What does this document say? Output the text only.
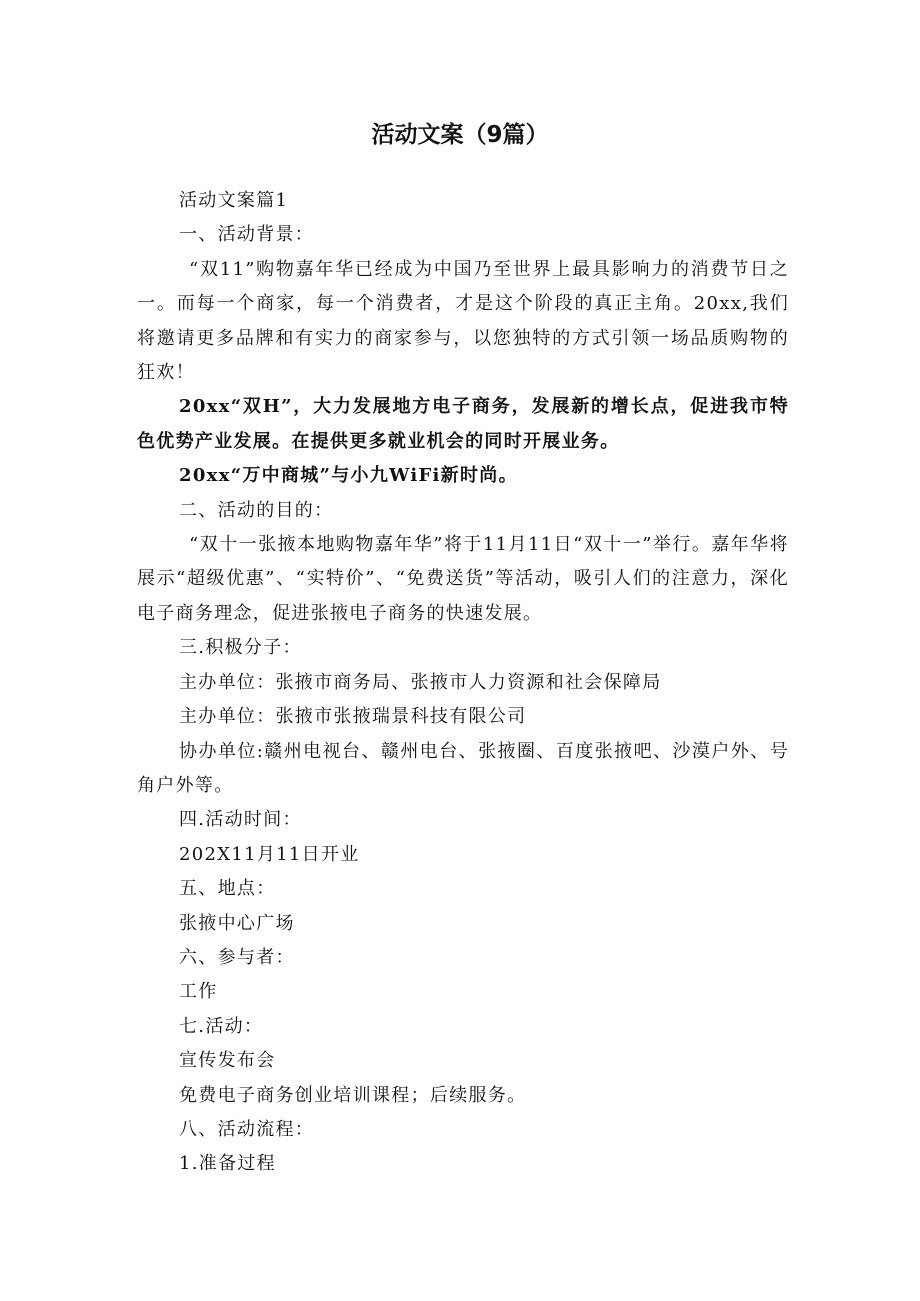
活动文案（9篇）

活动文案篇1

一、活动背景：

“双11”购物嘉年华已经成为中国乃至世界上最具影响力的消费节日之一。而每一个商家，每一个消费者，才是这个阶段的真正主角。20xx,我们将邀请更多品牌和有实力的商家参与，以您独特的方式引领一场品质购物的狂欢！

20xx“双H”，大力发展地方电子商务，发展新的增长点，促进我市特色优势产业发展。在提供更多就业机会的同时开展业务。

20xx“万中商城”与小九WiFi新时尚。

二、活动的目的：

“双十一张掖本地购物嘉年华”将于11月11日“双十一”举行。嘉年华将展示“超级优惠”、“实特价”、“免费送货”等活动，吸引人们的注意力，深化电子商务理念，促进张掖电子商务的快速发展。

三.积极分子：

主办单位：张掖市商务局、张掖市人力资源和社会保障局

主办单位：张掖市张掖瑞景科技有限公司

协办单位:赣州电视台、赣州电台、张掖圈、百度张掖吧、沙漠户外、号角户外等。

四.活动时间：

202X11月11日开业

五、地点：

张掖中心广场

六、参与者：

工作

七.活动：

宣传发布会

免费电子商务创业培训课程；后续服务。

八、活动流程：

1.准备过程
